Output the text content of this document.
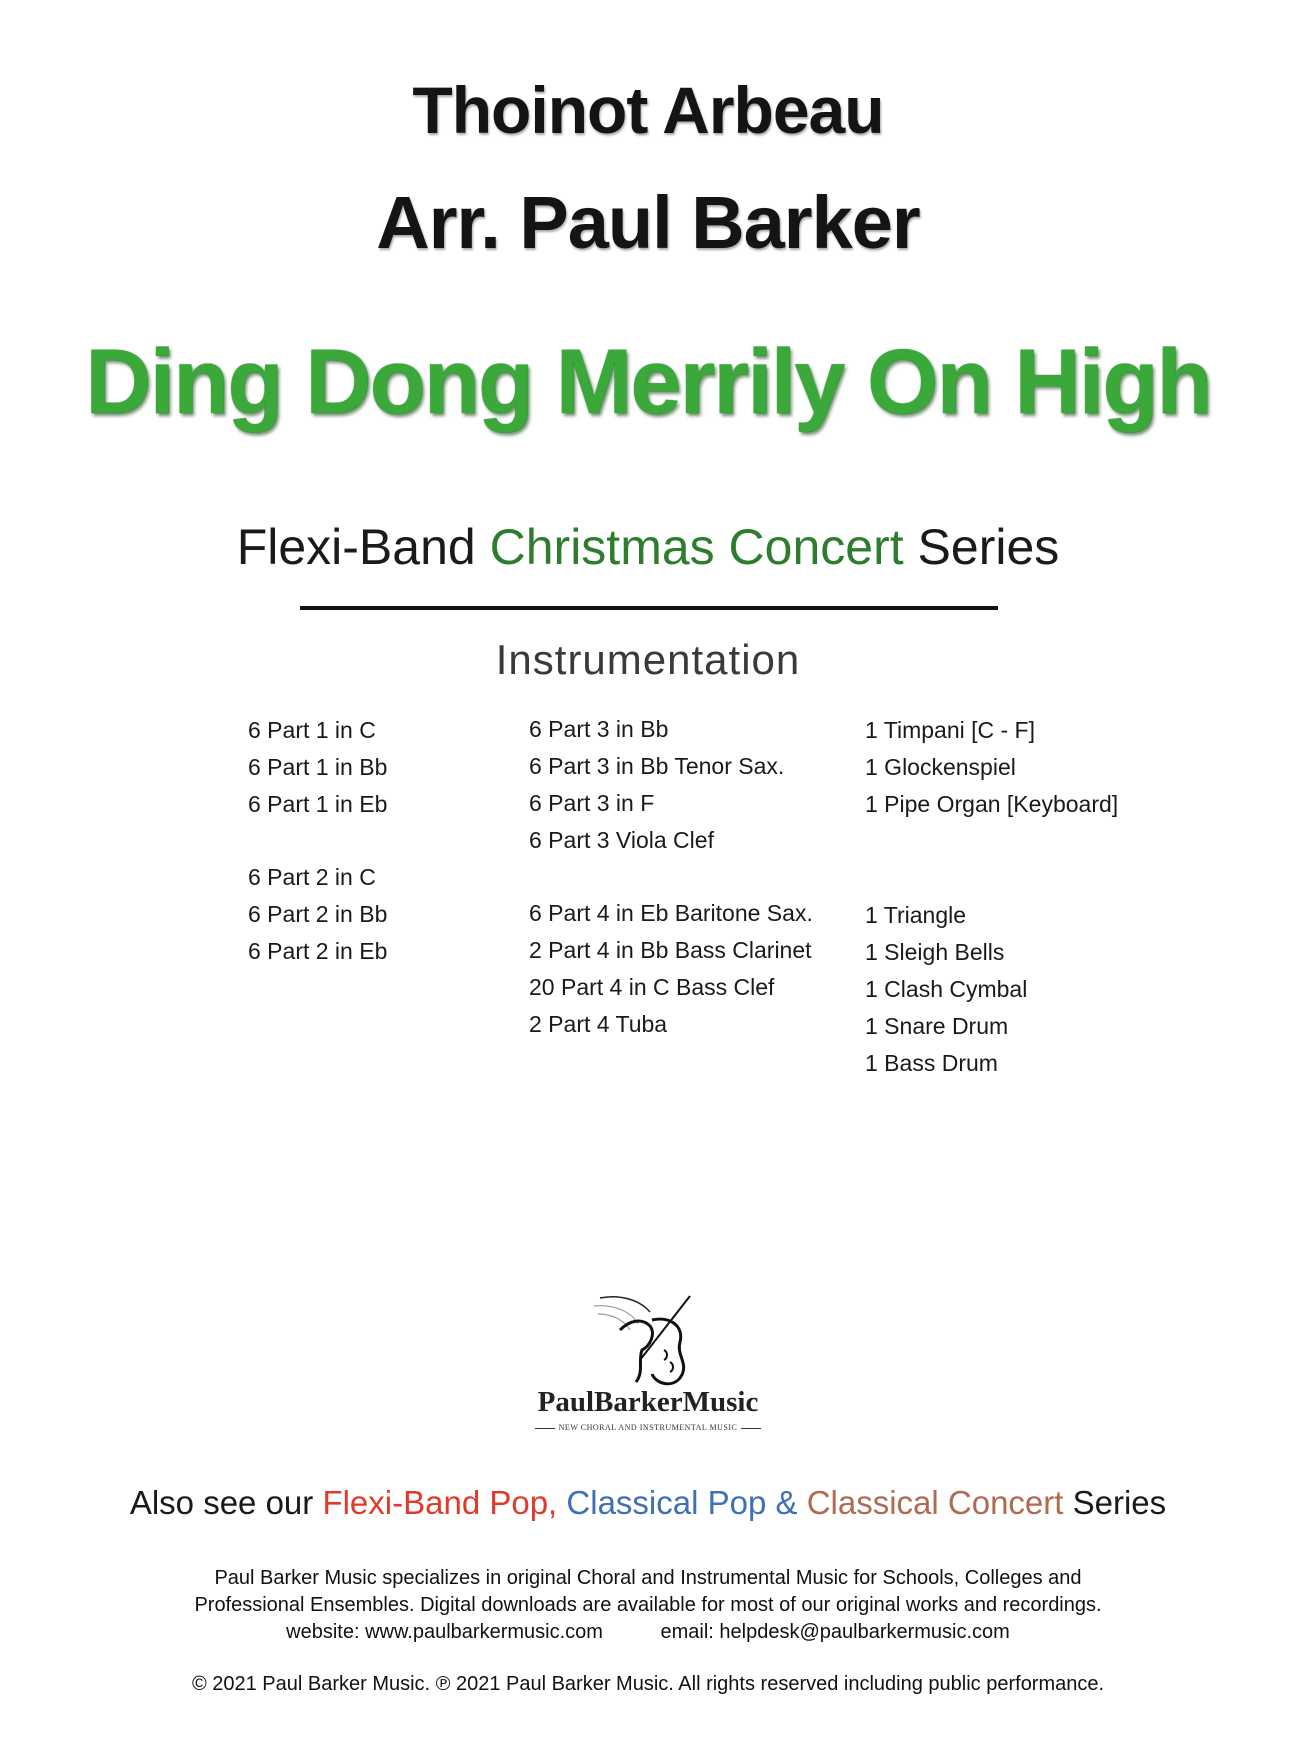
Thoinot Arbeau
Arr. Paul Barker
Ding Dong Merrily On High
Flexi-Band Christmas Concert Series
Instrumentation
6 Part 1 in C
6 Part 1 in Bb
6 Part 1 in Eb
6 Part 2 in C
6 Part 2 in Bb
6 Part 2 in Eb
6 Part 3 in Bb
6 Part 3 in Bb Tenor Sax.
6 Part 3 in F
6 Part 3 Viola Clef
6 Part 4 in Eb Baritone Sax.
2 Part 4 in Bb Bass Clarinet
20 Part 4 in C Bass Clef
2 Part 4 Tuba
1 Timpani [C - F]
1 Glockenspiel
1 Pipe Organ [Keyboard]
1 Triangle
1 Sleigh Bells
1 Clash Cymbal
1 Snare Drum
1 Bass Drum
PaulBarkerMusic
NEW CHORAL AND INSTRUMENTAL MUSIC
Also see our Flexi-Band Pop, Classical Pop & Classical Concert Series
Paul Barker Music specializes in original Choral and Instrumental Music for Schools, Colleges and
Professional Ensembles. Digital downloads are available for most of our original works and recordings.
website: www.paulbarkermusic.com	email: helpdesk@paulbarkermusic.com
© 2021 Paul Barker Music. ℗ 2021 Paul Barker Music. All rights reserved including public performance.
